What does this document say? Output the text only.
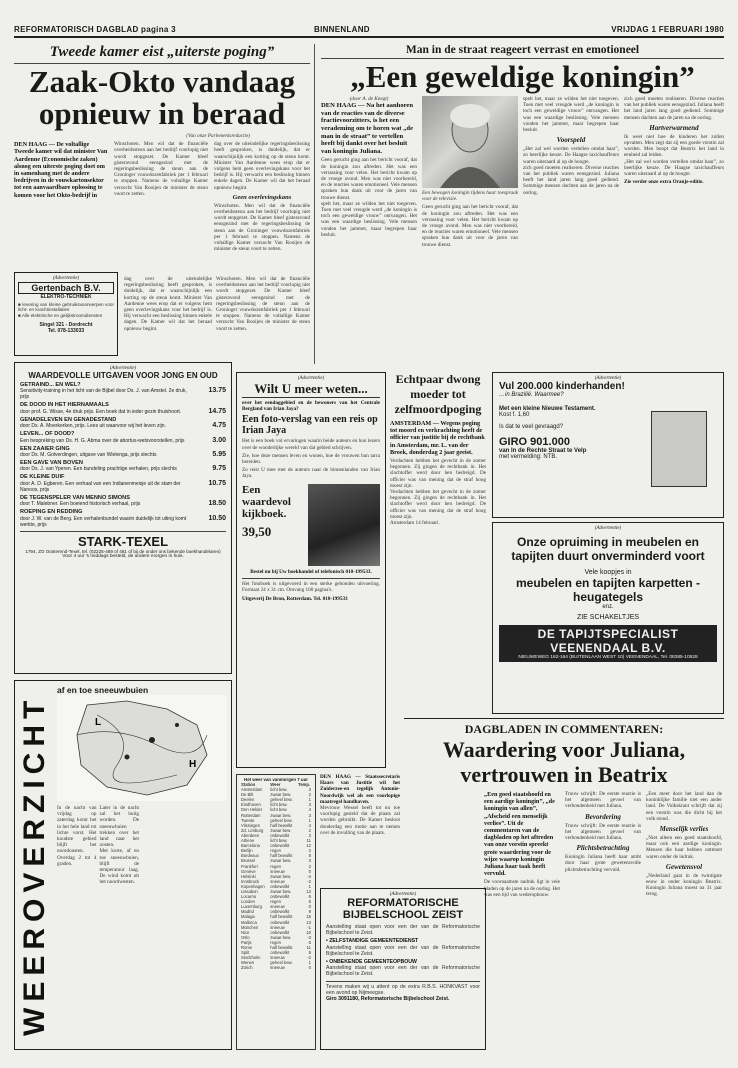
REFORMATORISCH DAGBLAD pagina 3	BINNENLAND	VRIJDAG 1 FEBRUARI 1980
Tweede kamer eist „uiterste poging”
Zaak-Okto vandaag
opnieuw in beraad
(Van onze Parlementsredactie)
DEN HAAG — De voltallige Tweede kamer wil dat minister Van Aardenne (Economische zaken) alsnog een uiterste poging doet om in samenhang met de andere bedrijven in de vouwkartonsektor tot een aanvaardbare oplossing te komen voor het Okto-bedrijf in
Winschoten. Men wil dat de financiële overheidssteun aan het bedrijf voorlopig niet wordt stopgezet. De Kamer bleef gisteravond eensgezind met de regeringsbeslissing de steun aan de Groninger vouwdozenfabriek per 1 februari te stoppen. Namens de voltallige Kamer verzocht Van Rooijen de minister de steun voort te zetten.
dag over de uiteindelijke regeringsbeslissing heeft gesproken, is duidelijk, dat er waarschijnlijk een korting op de steun komt. Minister Van Aardenne wees erop dat er volgens hem geen overlevingskans voor het bedrijf is. Hij verwacht een beslissing binnen enkele dagen. De Kamer wil dat het beraad opnieuw begint.
Geen overlevingskans
Winschoten. Men wil dat de financiële overheidssteun aan het bedrijf voorlopig niet wordt stopgezet. De Kamer bleef gisteravond eensgezind met de regeringsbeslissing de steun aan de Groninger vouwdozenfabriek per 1 februari te stoppen. Namens de voltallige Kamer verzocht Van Rooijen de minister de steun voort te zetten.
(Advertentie)
Gertenbach B.V.
ELEKTRO-TECHNIEK
■ levering van kleine gebruiksvoorwerpen voor licht- en krachtinstallaties
■ Alle elektrische en gelijkstroomdiensten
Singel 321 - Dordrecht
Tel. 078-133033
dag over de uiteindelijke regeringsbeslissing heeft gesproken, is duidelijk, dat er waarschijnlijk een korting op de steun komt. Minister Van Aardenne wees erop dat er volgens hem geen overlevingskans voor het bedrijf is. Hij verwacht een beslissing binnen enkele dagen. De Kamer wil dat het beraad opnieuw begint.
Winschoten. Men wil dat de financiële overheidssteun aan het bedrijf voorlopig niet wordt stopgezet. De Kamer bleef gisteravond eensgezind met de regeringsbeslissing de steun aan de Groninger vouwdozenfabriek per 1 februari te stoppen. Namens de voltallige Kamer verzocht Van Rooijen de minister de steun voort te zetten.
(Advertentie)
WAARDEVOLLE UITGAVEN VOOR JONG EN OUD
GETRAIND... EN WEL?
Sensitivity-training in het licht van de Bijbel door Ds. J. van Amstel. 2e druk, prijs
13.75
DE DOOD IN HET HIERNAMAALS
door prof. G. Wisse, 4e druk prijs. Een boek dat in ieder gezin thuishoort.	14.75
GENADELEVEN EN GENADESTAND
door Ds. A. Moerkerken, prijs. Lees uit waarvoor wij het leven zijn.	4.75
LEVEN... OF DOOD?
Een bespreking van Ds. H. G. Abma over de abortus-wetsvoorstellen, prijs	3.00
EEN ZAAIER GING
door Ds. M. Golverdingen, uitgave van Wielenga, prijs slechts	5.95
EEN GAVE VAN BOVEN
door Ds. J. van Yperen. Een bundeling prachtige verhalen, prijs slechts	9.75
DE KLEINE DUIF
door A. D. Egberen. Een verhaal van een Indianenmeisje uit de stam der Nanoos, prijs
10.75
DE TEGENSPELER VAN MENNO SIMONS
door T. Malebner. Een boeiend historisch verhaal, prijs	18.50
ROEPING EN REDDING
door J. W. van de Berg. Een verhalenbundel waarin duidelijk tot uiting komt werkte, prijs
10.50
STARK-TEXEL
1794, ZO Oosterend-Texel, tel. (02225-489 of 481 of bij de onder ons bekende boekhandelaren)
Voor 4 uur 's middags besteld, de andere morgen in huis.
Man in de straat reageert verrast en emotioneel
„Een geweldige koningin”
(door A. de Knegt)
DEN HAAG — Na het aanhoren van de reacties van de diverse fractievoorzitters, is het een verademing om te horen wat „de man in de straat” te vertellen heeft bij dankt over het besluit van koningin Juliana.
Geen gerucht ging aan het bericht vooraf, dat de koningin zou aftreden. Het was een verrassing voor velen. Het bericht kwam op de vroege avond. Men was niet voorbereid, en de reacties waren emotioneel. Vele mensen spraken hun dank uit voor de jaren van trouwe dienst.
spelt het, maar ze wilden het niet toegeven. Toen met veel vreugde werd „de koningin is toch een geweldige vrouw” ontvangen. Het was een waardige beslissing. Vele mensen vonden het jammer, maar begrepen haar besluit.
Een bewogen koningin tijdens haar toespraak voor de televisie.
Geen gerucht ging aan het bericht vooraf, dat de koningin zou aftreden. Het was een verrassing voor velen. Het bericht kwam op de vroege avond. Men was niet voorbereid, en de reacties waren emotioneel. Vele mensen spraken hun dank uit voor de jaren van trouwe dienst.
spelt het, maar ze wilden het niet toegeven. Toen met veel vreugde werd „de koningin is toch een geweldige vrouw” ontvangen. Het was een waardige beslissing. Vele mensen vonden het jammer, maar begrepen haar besluit.
Voorspeld
„Het zal wel worden vertellen omdat haar”, zo heerlijke keuze. De Haagse taxichauffeurs waren uiteraard al op de hoogte.
zich goed moeten realiseren. Diverse reacties van het publiek waren eensgezind. Juliana heeft het land jaren lang goed gediend. Sommige mensen dachten aan de jaren na de oorlog.
zich goed moeten realiseren. Diverse reacties van het publiek waren eensgezind. Juliana heeft het land jaren lang goed gediend. Sommige mensen dachten aan de jaren na de oorlog.
Hartverwarmend
Ik weet niet hoe de kinderen het zullen opvatten. Men zegt dat zij een goede vorstin zal worden. Men hoopt dat Beatrix het land in eenheid zal leiden.
„Het zal wel worden vertellen omdat haar”, zo heerlijke keuze. De Haagse taxichauffeurs waren uiteraard al op de hoogte.
Zie verder onze extra Oranje-editie.
(Advertentie)
Wilt U meer weten...
over het eendaggebied en de bewoners van het Centrale Bergland van Irian Jaya?
Een foto-verslag van een reis op Irian Jaya
Het is een boek vol ervaringen waarin beide auteurs en hun lezers over de wonderlijke wereld van dat gebied schrijven.
Zie, hoe deze mensen leven en wonen, hoe de vrouwen hun tarra bereiden.
Zo reist U mee met de auteurs naar de binnenlanden van Irian Jaya.
Een waardevol kijkboek.
39,50
Bestel nu bij Uw boekhandel of telefonisch 010-199533.
Het fotoboek is uitgevoerd in een sterke gebonden uitvoering. Formaat 24 x 31 cm. Omvang 100 pagina's.
Uitgeverij De Bron, Rotterdam. Tel. 010-199533
Echtpaar dwong moeder tot zelfmoordpoging
AMSTERDAM — Wegens poging tot moord en verkrachting heeft de officier van justitie bij de rechtbank in Amsterdam, mr. L. van der Broek, donderdag 2 jaar geeist.
Verdachten hebben het gevecht in de zomer begonnen. Zij gingen de rechtbank in. Het slachtoffer werd door hen bedreigd. De officier was van mening dat de straf hoog moest zijn.
Verdachten hebben het gevecht in de zomer begonnen. Zij gingen de rechtbank in. Het slachtoffer werd door hen bedreigd. De officier was van mening dat de straf hoog moest zijn.
Amsterdam 14 februari.
(Advertentie)
Vul 200.000 kinderhanden!
…in Brazilië. Waarmee?
Met een kleine Nieuwe Testament.
Kost f. 1,60
Is dat te veel gevraagd?
GIRO 901.000
van In de Rechte Straat te Velp
met vermelding: NTB.
(Advertentie)
Onze opruiming in meubelen en tapijten duurt onverminderd voort
Vele koopjes in
meubelen en tapijten karpetten - heugategels
enz.
ZIE SCHAKELTJES
DE TAPIJTSPECIALIST
VEENENDAAL B.V.
NIEUWEWEG 162-164 (BUITENLAAN WEST 10) VEENENDAAL, Tel. 08385-10528
WEEROVERZICHT
af en toe sneeuwbuien
H
L
In de nacht van vrijdag op zaterdag komt het in het hele land tot lichte vorst. Het koudste gebied blijft het noordoosten. Overdag 2 tot 4 graden.
Later in de nacht zal het buiig worden. De sneeuwbuien trekken over het land naar het oosten.
Met korte, af en toe sneeuwbuien, blijft de temperatuur laag. De wind komt uit het noordwesten.
Het weer van vanmorgen 7 uur
Station	Weer	Temp.
Amsterdam	licht bew.	3
De Bilt	zwaar bew.	2
Deelen	geheel bew.	1
Eindhoven	licht bew.	3
Den Helder	licht bew.	4
Rotterdam	zwaar bew.	3
Twente	geheel bew.	1
Vlissingen	half bewolkt	4
Zd. Limburg	zwaar bew.	2
Aberdeen	onbewolkt	3
Athene	licht bew.	11
Barcelona	onbewolkt	12
Berlijn	regen	2
Bordeaux	half bewolkt	8
Brussel	zwaar bew.	3
Frankfort	regen	2
Genève	sneeuw	0
Helsinki	zwaar bew.	-4
Innsbruck	sneeuw	-2
Kopenhagen	onbewolkt	1
Lissabon	zwaar bew.	13
Locarno	onbewolkt	6
Londen	regen	5
Luxemburg	sneeuw	0
Madrid	onbewolkt	9
Malaga	half bewolkt	15
Mallorca	onbewolkt	13
München	sneeuw	-1
Nice	onbewolkt	10
Oslo	zwaar bew.	-3
Parijs	regen	6
Rome	half bewolkt	11
Split	onbewolkt	8
Stockholm	sneeuw	-2
Wenen	geheel bew.	1
Zürich	sneeuw	0
DEN HAAG — Staatssecretaris Haars van Justitie wil het Zuiderzee-en tegelijk Antonie-Noordwijk wel als een voorlopige maatregel handhaven.
Mevrouw Wessel heeft tot nu toe voorlopig gesteld dat de plaats zal worden gebruikt. De Kamer besloot donderdag een motie aan te nemen over de invulling van de plaats.
(Advertentie)
REFORMATORISCHE BIJBELSCHOOL ZEIST
Aanstelling staat open voor een der van de Reformatorische Bijbelschool te Zeist.
• ZELFSTANDIGE GEMEENTEDIENST
Aanstelling staat open voor een der van de Reformatorische Bijbelschool te Zeist.
• ONBEKENDE GEMEENTEOPBOUW
Aanstelling staat open voor een der van de Reformatorische Bijbelschool te Zeist.
Tevens maken wij u attent op de extra R.B.S. HONKVAST voor een avond op Nijmeegse.
Giro 3091180, Reformatorische Bijbelschool Zeist.
DAGBLADEN IN COMMENTAREN:
Waardering voor Juliana,
vertrouwen in Beatrix
„Een goed staatshoofd en een aardige koningin”, „de koningin van allen”, „Afscheid een menselijk verlies”. Uit de commentaren van de dagbladen op het aftreden van onze vorstin spreekt grote waardering voor de wijze waarop koningin Juliana haar taak heeft vervuld.
De voornaamste nadruk ligt in vele bladen op de jaren na de oorlog. Het was een tijd van wederopbouw.
Trouw schrijft: De eerste reactie is het algemeen gevoel van verbondenheid met Juliana.
Bevordering
Trouw schrijft: De eerste reactie is het algemeen gevoel van verbondenheid met Juliana.
Plichtsbetrachting
Koningin Juliana heeft haar ambt door haar grote gewetensvolle plichtsbetrachting vervuld.
„Een meer door het land dan de koninklijke familie niet een ander land. De Volkskrant schrijft dat zij een vorstin was die dicht bij het volk stond.
Menselijk verlies
„Niet alleen een goed staatshoofd, maar ook een aardige koningin. Mensen die haar hebben ontmoet waren onder de indruk.
Gewetensvol
„Nederland gaat in de twintigste eeuw in onder koningin Beatrix. Koningin Juliana moest na 31 jaar terug.
